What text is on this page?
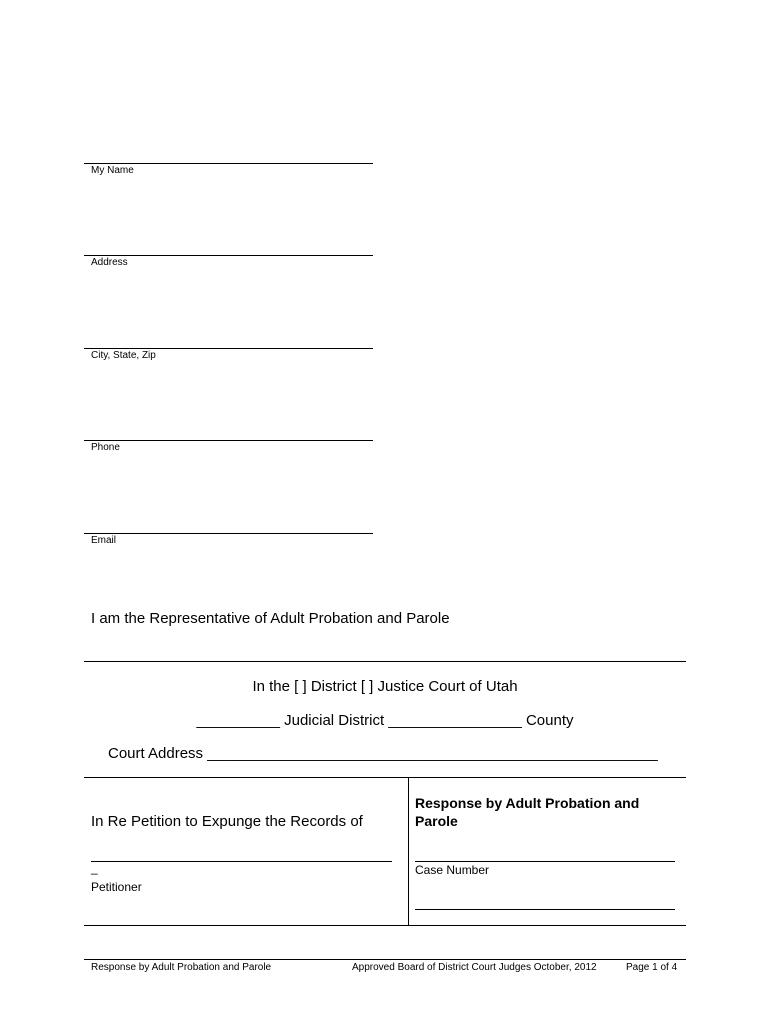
My Name
Address
City, State, Zip
Phone
Email
I am the Representative of Adult Probation and Parole
In the [ ] District [ ] Justice Court of Utah
__________ Judicial District ________________ County
Court Address ______________________________________________________
In Re Petition to Expunge the Records of
_
Petitioner
Response by Adult Probation and Parole
Case Number
Response by Adult Probation and Parole	Approved Board of District Court Judges October, 2012	Page 1 of 4
